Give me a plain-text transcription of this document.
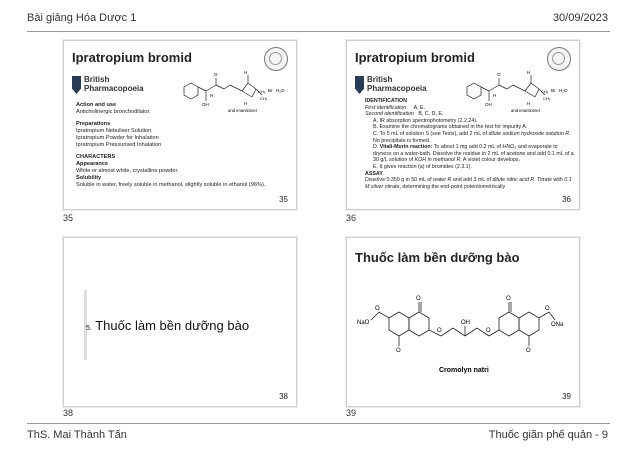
Bài giảng Hóa Dược 1	30/09/2023
Ipratropium bromid
British
Pharmacopoeia
O	H
OH
H
CH₃
CH₃
H
Br H₂O
and enantiomer
Action and use
Anticholinergic bronchodilator.
Preparations
Ipratropium Nebuliser Solution
Ipratropium Powder for Inhalation
Ipratropium Pressurised Inhalation
CHARACTERS
Appearance
White or almost white, crystalline powder.
Solubility
Soluble in water, freely soluble in methanol, slightly soluble in ethanol (96%).
35
35
Ipratropium bromid
British
Pharmacopoeia
O	H
OH
H
CH₃
CH₃
H
Br H₂O
and enantiomer
IDENTIFICATION
First identification A, E.
Second identification B, C, D, E.
A. IR absorption spectrophotometry (2.2.24).
B. Examine the chromatograms obtained in the test for impurity A.
C. To 5 mL of solution S (see Tests), add 2 mL of dilute sodium hydroxide solution R. No precipitate is formed.
D. Vitali-Morin reaction: To about 1 mg add 0.2 mL of HNO₃ and evaporate to dryness on a water-bath. Dissolve the residue in 2 mL of acetone and add 0.1 mL of a 30 g/L solution of KOH in methanol R. A violet colour develops.
E. It gives reaction (a) of bromides (2.3.1).
ASSAY
Dissolve 0.350 g in 50 mL of water R and add 3 mL of dilute nitric acid R. Titrate with 0.1 M silver nitrate, determining the end-point potentiometrically
36
36
5. Thuốc làm bền dưỡng bào
38
38
Thuốc làm bền dưỡng bào
NaO	ONa
OH
O	O
O	O
O	O
O	O
Cromolyn natri
39
39
ThS. Mai Thành Tấn	Thuốc giãn phế quản - 9
